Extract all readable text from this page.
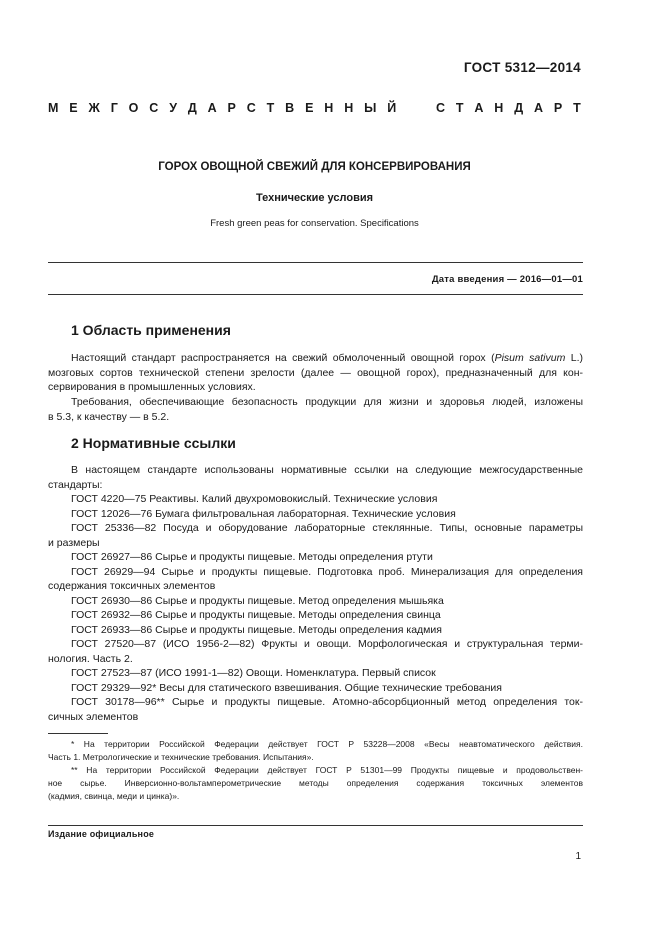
ГОСТ 5312—2014
М Е Ж Г О С У Д А Р С Т В Е Н Н Ы Й	С Т А Н Д А Р Т
ГОРОХ ОВОЩНОЙ СВЕЖИЙ ДЛЯ КОНСЕРВИРОВАНИЯ
Технические условия
Fresh green peas for conservation. Specifications
Дата введения — 2016—01—01
1 Область применения
Настоящий стандарт распространяется на свежий обмолоченный овощной горох (Pisum sativum L.)
мозговых сортов технической степени зрелости (далее — овощной горох), предназначенный для кон-
сервирования в промышленных условиях.
Требования, обеспечивающие безопасность продукции для жизни и здоровья людей, изложены
в 5.3, к качеству — в 5.2.
2 Нормативные ссылки
В настоящем стандарте использованы нормативные ссылки на следующие межгосударственные
стандарты:
ГОСТ 4220—75 Реактивы. Калий двухромовокислый. Технические условия
ГОСТ 12026—76 Бумага фильтровальная лабораторная. Технические условия
ГОСТ 25336—82 Посуда и оборудование лабораторные стеклянные. Типы, основные параметры
и размеры
ГОСТ 26927—86 Сырье и продукты пищевые. Методы определения ртути
ГОСТ 26929—94 Сырье и продукты пищевые. Подготовка проб. Минерализация для определения
содержания токсичных элементов
ГОСТ 26930—86 Сырье и продукты пищевые. Метод определения мышьяка
ГОСТ 26932—86 Сырье и продукты пищевые. Методы определения свинца
ГОСТ 26933—86 Сырье и продукты пищевые. Методы определения кадмия
ГОСТ 27520—87 (ИСО 1956-2—82) Фрукты и овощи. Морфологическая и структуральная терми-
нология. Часть 2.
ГОСТ 27523—87 (ИСО 1991-1—82) Овощи. Номенклатура. Первый список
ГОСТ 29329—92* Весы для статического взвешивания. Общие технические требования
ГОСТ 30178—96** Сырье и продукты пищевые. Атомно-абсорбционный метод определения ток-
сичных элементов
* На территории Российской Федерации действует ГОСТ Р 53228—2008 «Весы неавтоматического действия.
Часть 1. Метрологические и технические требования. Испытания».
** На территории Российской Федерации действует ГОСТ Р 51301—99 Продукты пищевые и продовольствен-
ное сырье. Инверсионно-вольтамперометрические методы определения содержания токсичных элементов
(кадмия, свинца, меди и цинка)».
Издание официальное
1
